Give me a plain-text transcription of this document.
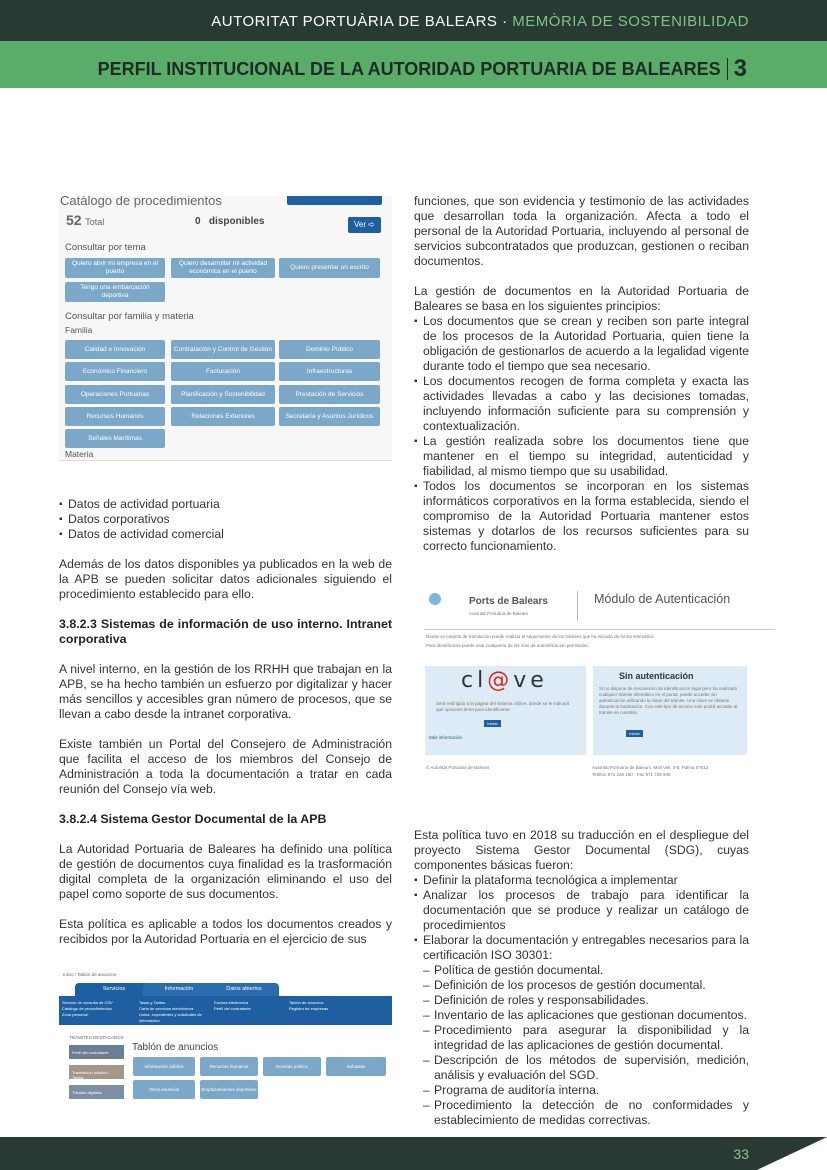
AUTORITAT PORTUÀRIA DE BALEARS · MEMÒRIA DE SOSTENIBILIDAD
PERFIL INSTITUCIONAL DE LA AUTORIDAD PORTUARIA DE BALEARES 3
Catálogo de procedimientos
52 Total	0 disponibles	Ver ➪
Consultar por tema
Quiero abrir mi empresa en el puerto
Quiero desarrollar mi actividad económica en el puerto
Quiero presentar un escrito
Tengo una embarcación deportiva
Consultar por familia y materia
Familia
Calidad e Innovación	Contratación y Control de Gestión	Dominio Público
Económico Financiero	Facturación	Infraestructuras
Operaciones Portuarias	Planificación y Sostenibilidad	Prestación de Servicios
Recursos Humanos	Relaciones Exteriores	Secretaría y Asuntos Jurídicos
Señales Marítimas
Materia
▪ Datos de actividad portuaria
▪ Datos corporativos
▪ Datos de actividad comercial

Además de los datos disponibles ya publicados en la web de la APB se pueden solicitar datos adicionales siguiendo el procedimiento establecido para ello.

3.8.2.3 Sistemas de información de uso interno. Intranet corporativa

A nivel interno, en la gestión de los RRHH que trabajan en la APB, se ha hecho también un esfuerzo por digitalizar y hacer más sencillos y accesibles gran número de procesos, que se llevan a cabo desde la intranet corporativa.

Existe también un Portal del Consejero de Administración que facilita el acceso de los miembros del Consejo de Administración a toda la documentación a tratar en cada reunión del Consejo vía web.

3.8.2.4 Sistema Gestor Documental de la APB

La Autoridad Portuaria de Baleares ha definido una política de gestión de documentos cuya finalidad es la trasformación digital completa de la organización eliminando el uso del papel como soporte de sus documentos.

Esta política es aplicable a todos los documentos creados y recibidos por la Autoridad Portuaria en el ejercicio de sus

Inicio / Tablón de anuncios
Servicios	Información	Datos abiertos
Servicio de consulta de CSV
Catálogo de procedimientos
Zona personal
Tasas y Tarifas
Carta de servicios electrónicos
Listas, expedientes y solicitudes de información
Factura electrónica
Perfil del contratante
Tablón de anuncios
Registro de empresas
TRÁMITES DESTACADOS
Perfil del contratante
Tramitación pública / Tarifas
Tributos digitales
Tablón de anuncios
Información pública	Recursos humanos	Dominio público	Subastas
Otros anuncios	Emplazamientos deportivos

funciones, que son evidencia y testimonio de las actividades que desarrollan toda la organización. Afecta a todo el personal de la Autoridad Portuaria, incluyendo al personal de servicios subcontratados que produzcan, gestionen o reciban documentos.

La gestión de documentos en la Autoridad Portuaria de Baleares se basa en los siguientes principios:

▪ Los documentos que se crean y reciben son parte integral de los procesos de la Autoridad Portuaria, quien tiene la obligación de gestionarlos de acuerdo a la legalidad vigente durante todo el tiempo que sea necesario.
▪ Los documentos recogen de forma completa y exacta las actividades llevadas a cabo y las decisiones tomadas, incluyendo información suficiente para su comprensión y contextualización.
▪ La gestión realizada sobre los documentos tiene que mantener en el tiempo su integridad, autenticidad y fiabilidad, al mismo tiempo que su usabilidad.
▪ Todos los documentos se incorporan en los sistemas informáticos corporativos en la forma establecida, siendo el compromiso de la Autoridad Portuaria mantener estos sistemas y dotarlos de los recursos suficientes para su correcto funcionamiento.
Ports de Balears
Autoritat Portuària de Balears
Módulo de Autenticación
Desde su carpeta de tramitación puede realizar el seguimiento de los trámites que ha iniciado de forma telemática
Para identificarse puede usar cualquiera de las vías de autentificación permitidas:
cl@ve
Será redirigido a la página del sistema cl@ve, donde se le indicará qué opciones tiene para identificarse.
Iniciar
Más información
Sin autenticación
Si no dispone de mecanismo de identificación legal pero ha realizado cualquier trámite telemático en el portal, puede acceder sin autenticación utilizando la clave del trámite. Una clave se obtiene durante la tramitación. Con este tipo de acceso solo podrá acceder al trámite en cuestión.
Iniciar
© Autoritat Portuària de Balears	Autoritat Portuària de Balears, Moll Vell, 3-5, Palma 07012
Teléfon 971 228 150 · Fax 971 726 948

Esta política tuvo en 2018 su traducción en el despliegue del proyecto Sistema Gestor Documental (SDG), cuyas componentes básicas fueron:

▪ Definir la plataforma tecnológica a implementar
▪ Analizar los procesos de trabajo para identificar la documentación que se produce y realizar un catálogo de procedimientos
▪ Elaborar la documentación y entregables necesarios para la certificación ISO 30301:
– Política de gestión documental.
– Definición de los procesos de gestión documental.
– Definición de roles y responsabilidades.
– Inventario de las aplicaciones que gestionan documentos.
– Procedimiento para asegurar la disponibilidad y la integridad de las aplicaciones de gestión documental.
– Descripción de los métodos de supervisión, medición, análisis y evaluación del SGD.
– Programa de auditoría interna.
– Procedimiento la detección de no conformidades y establecimiento de medidas correctivas.
33
